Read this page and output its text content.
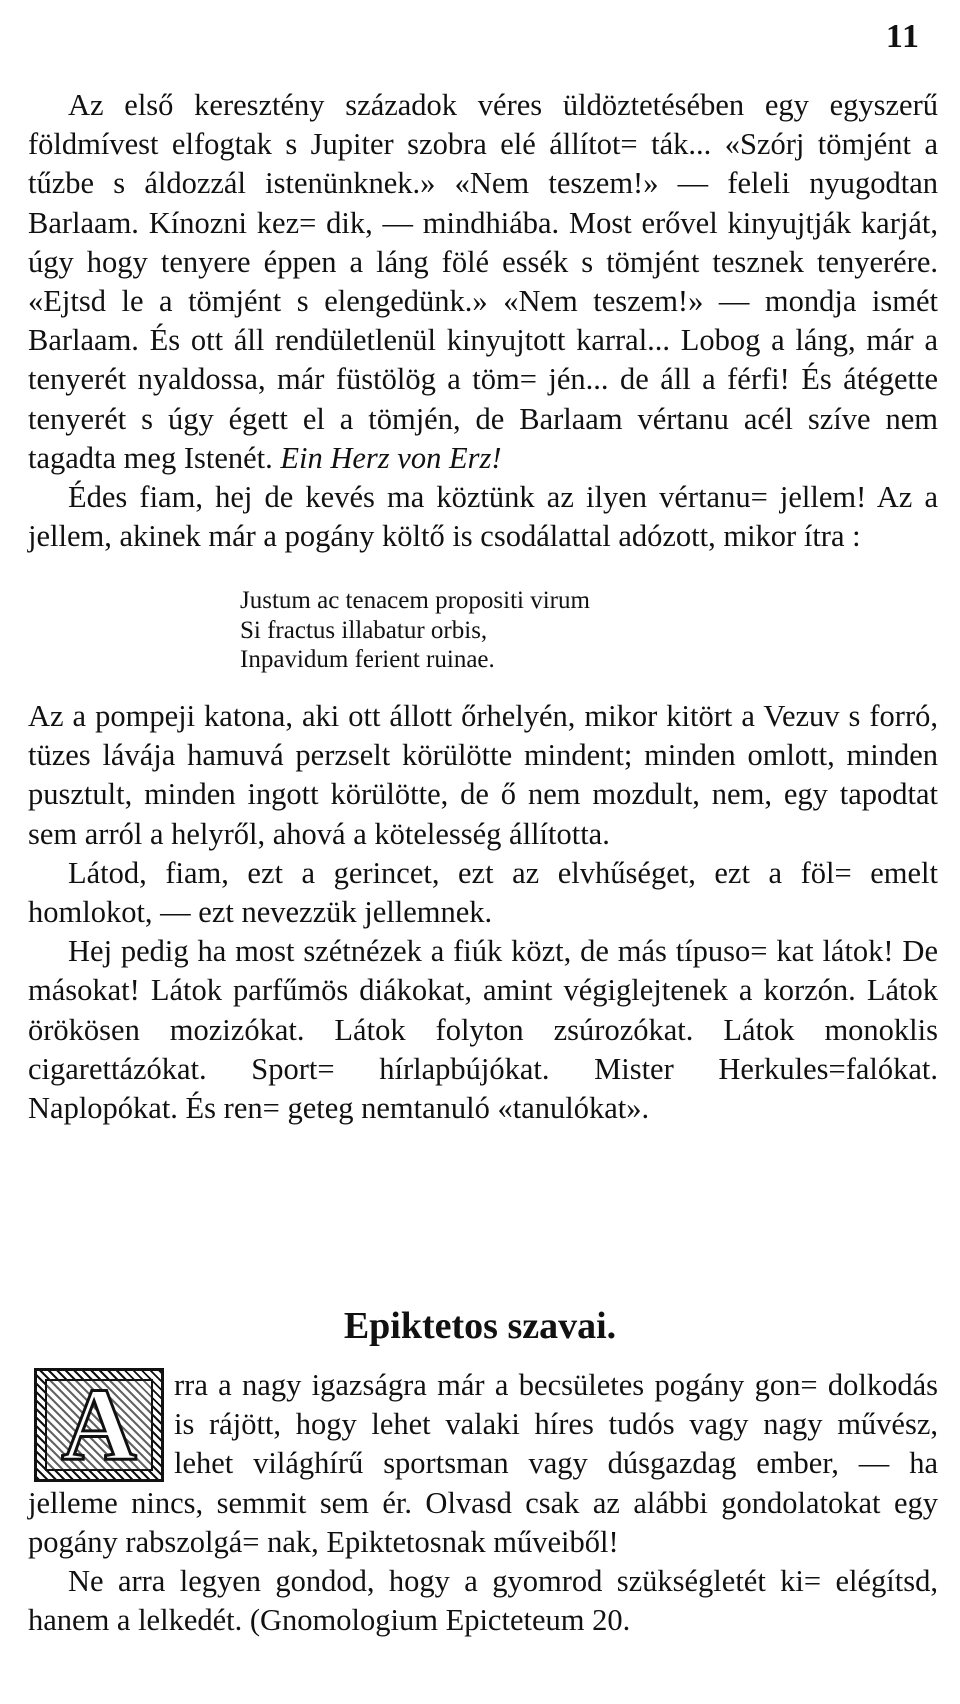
11

Az első keresztény századok véres üldöztetésében egy egyszerű földmívest elfogtak s Jupiter szobra elé állítot= ták... «Szórj tömjént a tűzbe s áldozzál istenünknek.» «Nem teszem!» — feleli nyugodtan Barlaam. Kínozni kez= dik, — mindhiába. Most erővel kinyujtják karját, úgy hogy tenyere éppen a láng fölé essék s tömjént tesznek tenyerére. «Ejtsd le a tömjént s elengedünk.» «Nem teszem!» — mondja ismét Barlaam. És ott áll rendületlenül kinyujtott karral... Lobog a láng, már a tenyerét nyaldossa, már füstölög a töm= jén... de áll a férfi! És átégette tenyerét s úgy égett el a tömjén, de Barlaam vértanu acél szíve nem tagadta meg Istenét. Ein Herz von Erz!

Édes fiam, hej de kevés ma köztünk az ilyen vértanu= jellem! Az a jellem, akinek már a pogány költő is csodálattal adózott, mikor ítra :

Justum ac tenacem propositi virum
Si fractus illabatur orbis,
Inpavidum ferient ruinae.

Az a pompeji katona, aki ott állott őrhelyén, mikor kitört a Vezuv s forró, tüzes lávája hamuvá perzselt körülötte mindent; minden omlott, minden pusztult, minden ingott körülötte, de ő nem mozdult, nem, egy tapodtat sem arról a helyről, ahová a kötelesség állította.

Látod, fiam, ezt a gerincet, ezt az elvhűséget, ezt a föl= emelt homlokot, — ezt nevezzük jellemnek.

Hej pedig ha most szétnézek a fiúk közt, de más típuso= kat látok! De másokat! Látok parfűmös diákokat, amint végiglejtenek a korzón. Látok örökösen mozizókat. Látok folyton zsúrozókat. Látok monoklis cigarettázókat. Sport= hírlapbújókat. Mister Herkules=falókat. Naplopókat. És ren= geteg nemtanuló «tanulókat».

Epiktetos szavai.

A	rra a nagy igazságra már a becsületes pogány gon= dolkodás is rájött, hogy lehet valaki híres tudós vagy nagy művész, lehet világhírű sportsman vagy dúsgazdag ember, — ha jelleme nincs, semmit sem ér. Olvasd csak az alábbi gondolatokat egy pogány rabszolgá= nak, Epiktetosnak műveiből!

Ne arra legyen gondod, hogy a gyomrod szükségletét ki= elégítsd, hanem a lelkedét. (Gnomologium Epicteteum 20.
